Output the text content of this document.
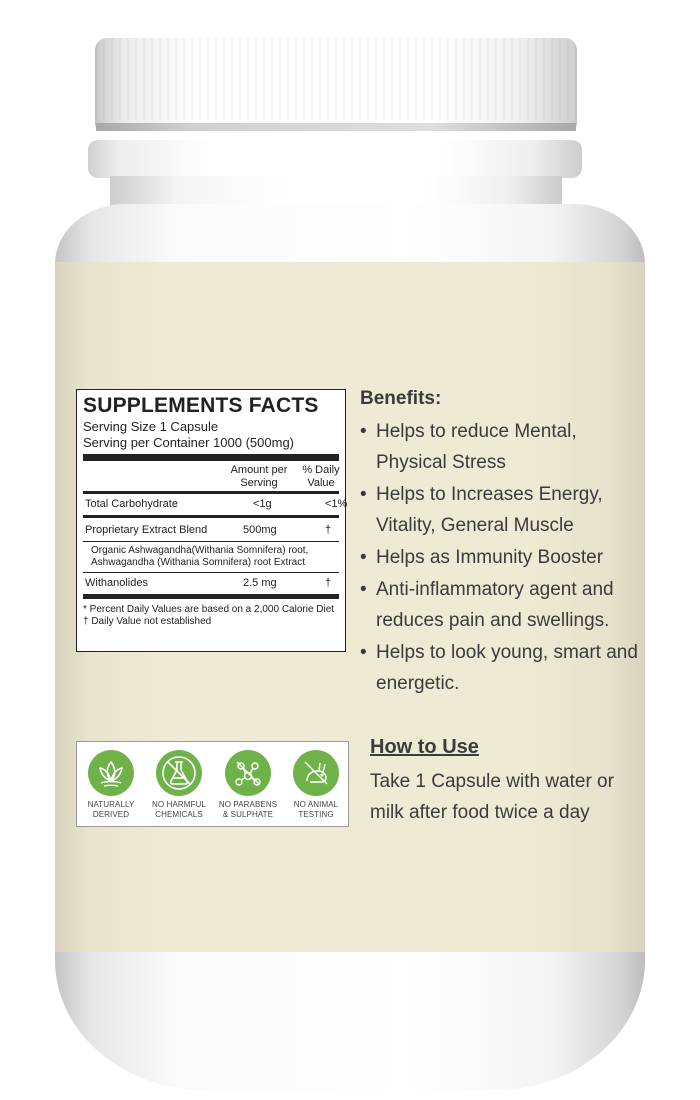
SUPPLEMENTS FACTS
Serving Size 1 Capsule
Serving per Container 1000 (500mg)
Amount per Serving
% Daily Value
Total Carbohydrate	<1g	<1%
Proprietary Extract Blend	500mg	†
Organic Ashwagandha(Withania Somnifera) root, Ashwagandha (Withania Somnifera) root Extract
Withanolides	2.5 mg	†
* Percent Daily Values are based on a 2,000 Calorie Diet
† Daily Value not established
Benefits:
• Helps to reduce Mental, Physical Stress
• Helps to Increases Energy, Vitality, General Muscle
• Helps as Immunity Booster
• Anti-inflammatory agent and reduces pain and swellings.
• Helps to look young, smart and energetic.
NATURALLY
DERIVED
NO HARMFUL
CHEMICALS
NO PARABENS
& SULPHATE
NO ANIMAL
TESTING
How to Use

Take 1 Capsule with water or milk after food twice a day
